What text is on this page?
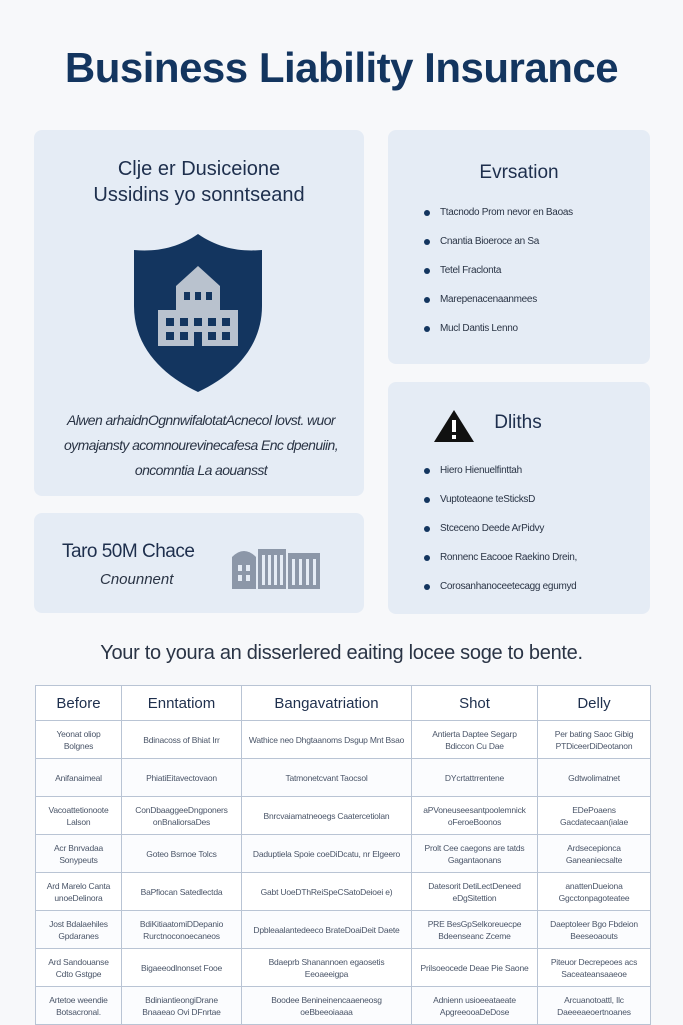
Business Liability Insurance
Clje er Dusiceione
Ussidins yo sonntseand
Alwen arhaidnOgnnwifalotatAcnecol lovst. wuor oymajansty acomnourevinecafesa Enc dpenuiin, oncomntia La aouansst
Taro 50M Chace
Cnounnent
Evrsation
Ttacnodo Prom nevor en Baoas
Cnantia Bioeroce an Sa
Tetel Fraclonta
Marepenacenaanmees
Mucl Dantis Lenno
Dliths
Hiero Hienuelfinttah
Vuptoteaone teSticksD
Stceceno Deede ArPidvy
Ronnenc Eacooe Raekino Drein,
Corosanhanoceetecagg egumyd
Your to youra an disserlered eaiting locee soge to bente.
Before	Enntatiom	Bangavatriation	Shot	Delly
Yeonat oliop Bolgnes	Bdinacoss of Bhiat Irr	Wathice neo Dhgtaanoms Dsgup Mnt Bsao	Antierta Daptee Segarp Bdiccon Cu Dae	Per bating Saoc Gibig PTDiceerDiDeotanon
Anifanaimeal	PhiatiEitavectovaon	Tatmonetcvant Taocsol	DYcrtattrrentene	Gdtwolimatnet
Vacoattetionoote Lalson	ConDbaaggeeDngponers onBnaliorsaDes	Bnrcvaiamatneoegs Caatercetiolan	aPVoneuseesantpoolemnick oFeroeBoonos	EDePoaens Gacdatecaan(ialae
Acr Bnrvadaa Sonypeuts	Goteo Bsrnoe Tolcs	Daduptiela Spoie coeDiDcatu, nr Elgeero	Prolt Cee caegons are tatds Gagantaonans	Ardsecepionca Ganeaniecsalte
Ard Marelo Canta unoeDelinora	BaPfiocan Satedlectda	Gabt UoeDThReiSpeCSatoDeioei e)	Datesorit DetiLectDeneed eDgSitettion	anattenDueiona Ggcctonpagoteatee
Jost Bdalaehiles Gpdaranes	BdiKitiaatomiDDepanio Rurctnoconoecaneos	Dpbleaalantedeeco BrateDoaiDeit Daete	PRE BesGpSelkoreuecpe Bdeenseanc Zceme	Daeptoleer Bgo Fbdeion Beeseoaouts
Ard Sandouanse Cdto Gstgpe	Bigaeeodlnonset Fooe	Bdaeprb Shanannoen egaosetis Eeoaeeigpa	Prilsoeocede Deae Pie Saone	Piteuor Decrepeoes acs Saceateansaaeoe
Artetoe weendie Botsacronal.	BdiniantieongiDrane Bnaaeao Ovi DFnrtae	Boodee Benineinencaaeneosg oeBbeeoiaaaa	Adnienn usioeeataeate ApgreeooaDeDose	Arcuanotoattl, Ilc Daeeeaeoertnoanes
